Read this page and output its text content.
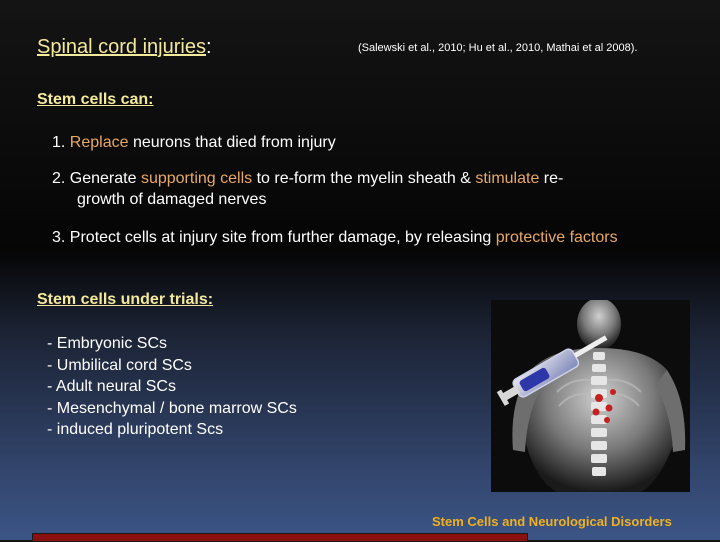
Spinal cord injuries:	(Salewski et al., 2010; Hu et al., 2010, Mathai et al 2008).
Stem cells can:
1. Replace neurons that died from injury
2. Generate supporting cells to re-form the myelin sheath & stimulate re-
growth of damaged nerves
3. Protect cells at injury site from further damage, by releasing protective factors
Stem cells under trials:
- Embryonic SCs
- Umbilical cord SCs
- Adult neural SCs
- Mesenchymal / bone marrow SCs
- induced pluripotent Scs
Stem Cells and Neurological Disorders
